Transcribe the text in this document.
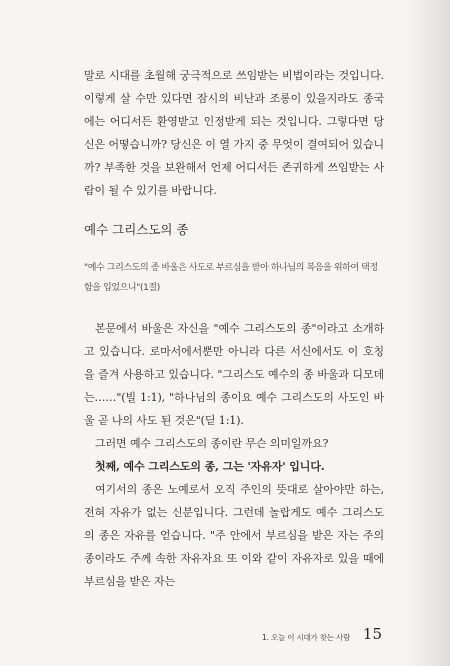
말로 시대를 초월해 궁극적으로 쓰임받는 비법이라는 것입니다. 이렇게 살 수만 있다면 잠시의 비난과 조롱이 있을지라도 종국에는 어디서든 환영받고 인정받게 되는 것입니다. 그렇다면 당신은 어떻습니까? 당신은 이 열 가지 중 무엇이 결여되어 있습니까? 부족한 것을 보완해서 언제 어디서든 존귀하게 쓰임받는 사람이 될 수 있기를 바랍니다.

예수 그리스도의 종
"예수 그리스도의 종 바울은 사도로 부르심을 받아 하나님의 복음을 위하여 택정함을 입었으니"(1절)

본문에서 바울은 자신을 "예수 그리스도의 종"이라고 소개하고 있습니다. 로마서에서뿐만 아니라 다른 서신에서도 이 호칭을 즐겨 사용하고 있습니다. "그리스도 예수의 종 바울과 디모데는……"(빌 1:1), "하나님의 종이요 예수 그리스도의 사도인 바울 곧 나의 사도 된 것은"(딛 1:1).

그러면 예수 그리스도의 종이란 무슨 의미일까요?

첫째, 예수 그리스도의 종, 그는 '자유자' 입니다.

여기서의 종은 노예로서 오직 주인의 뜻대로 살아야만 하는, 전혀 자유가 없는 신분입니다. 그런데 놀랍게도 예수 그리스도의 종은 자유를 얻습니다. "주 안에서 부르심을 받은 자는 주의 종이라도 주께 속한 자유자요 또 이와 같이 자유자로 있을 때에 부르심을 받은 자는

1. 오늘 이 시대가 찾는 사람 15
